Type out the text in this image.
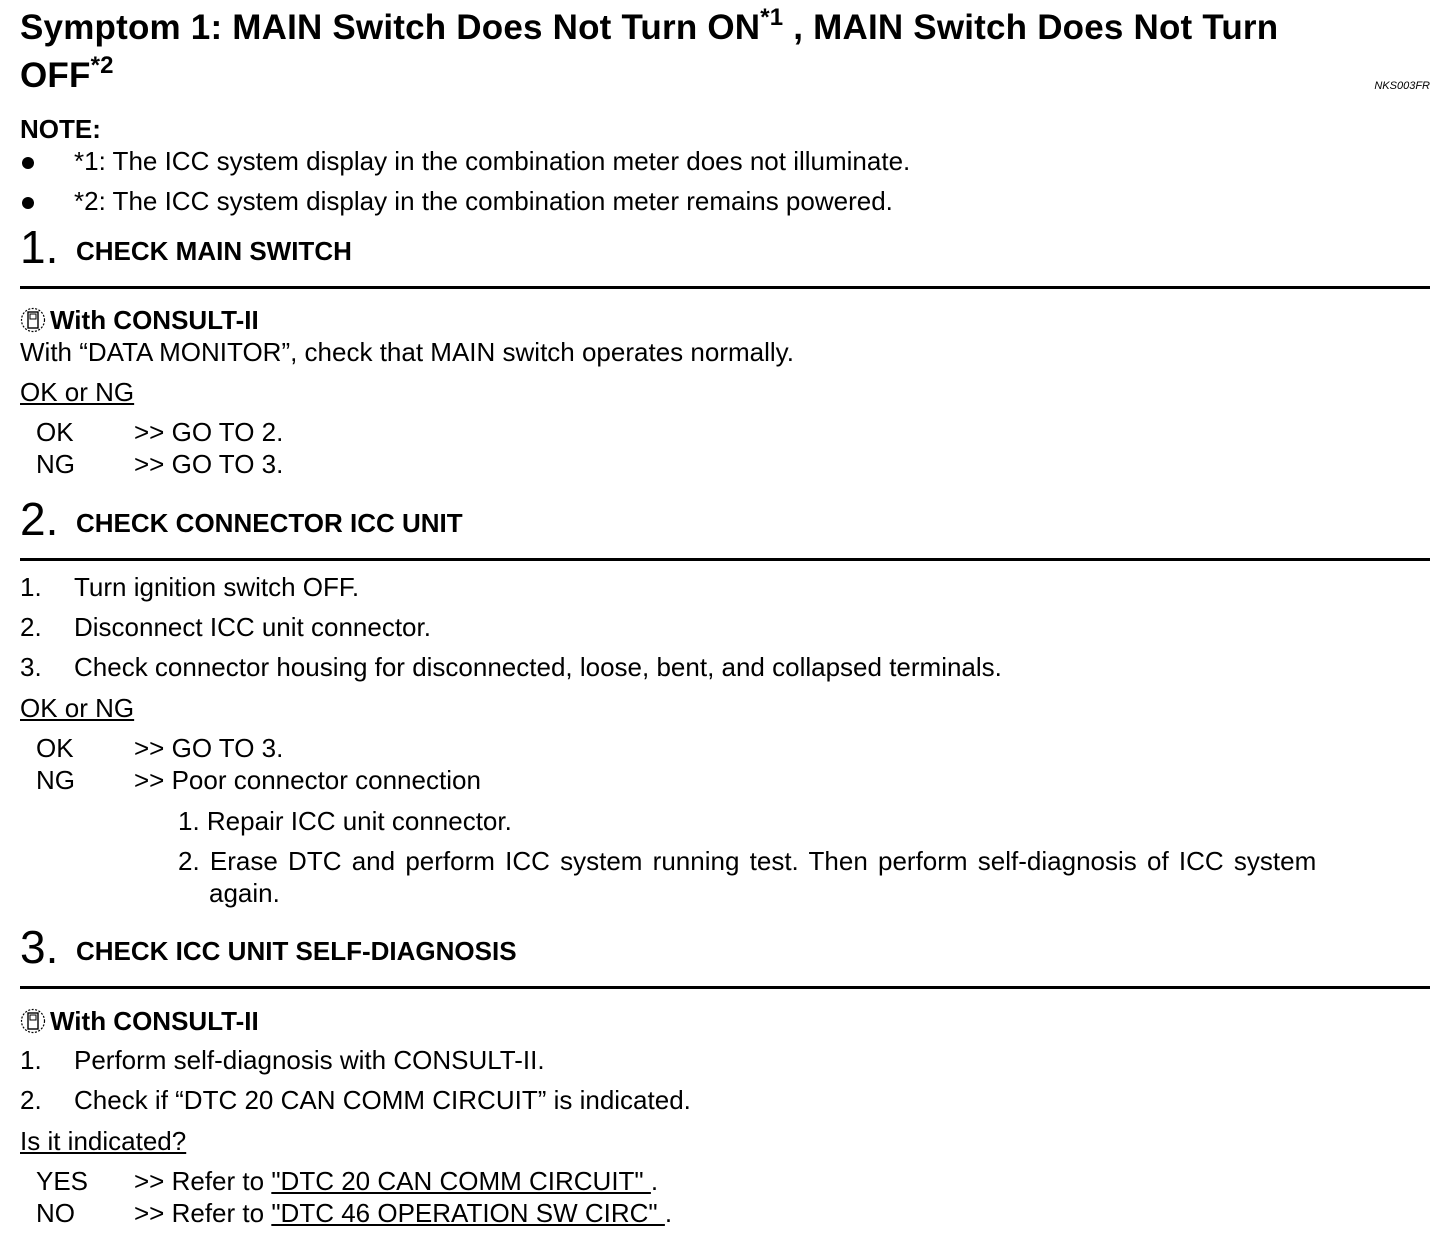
Symptom 1: MAIN Switch Does Not Turn ON$^{*1}$ , MAIN Switch Does Not Turn
OFF$^{*2}$
NKS003FR
NOTE:
*1: The ICC system display in the combination meter does not illuminate.
*2: The ICC system display in the combination meter remains powered.
1. CHECK MAIN SWITCH
With CONSULT-II
With “DATA MONITOR”, check that MAIN switch operates normally.
OK or NG
OK >> GO TO 2.
NG >> GO TO 3.
2. CHECK CONNECTOR ICC UNIT
1. Turn ignition switch OFF.
2. Disconnect ICC unit connector.
3. Check connector housing for disconnected, loose, bent, and collapsed terminals.
OK or NG
OK >> GO TO 3.
NG >> Poor connector connection
1. Repair ICC unit connector.
2. Erase DTC and perform ICC system running test. Then perform self-diagnosis of ICC system
again.
3. CHECK ICC UNIT SELF-DIAGNOSIS
With CONSULT-II
1. Perform self-diagnosis with CONSULT-II.
2. Check if “DTC 20 CAN COMM CIRCUIT” is indicated.
Is it indicated?
YES >> Refer to "DTC 20 CAN COMM CIRCUIT" .
NO >> Refer to "DTC 46 OPERATION SW CIRC" .
